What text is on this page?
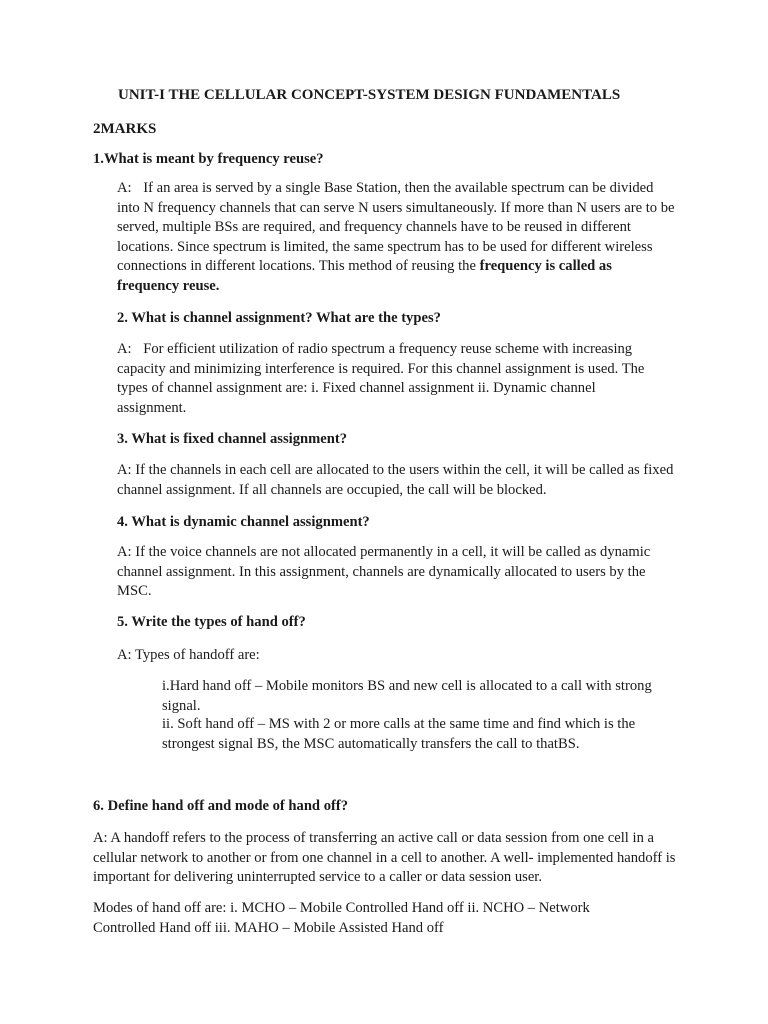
UNIT-I THE CELLULAR CONCEPT-SYSTEM DESIGN FUNDAMENTALS
2MARKS
1.What is meant by frequency reuse?
A: If an area is served by a single Base Station, then the available spectrum can be divided into N frequency channels that can serve N users simultaneously. If more than N users are to be served, multiple BSs are required, and frequency channels have to be reused in different locations. Since spectrum is limited, the same spectrum has to be used for different wireless connections in different locations. This method of reusing the frequency is called as frequency reuse.
2. What is channel assignment? What are the types?
A: For efficient utilization of radio spectrum a frequency reuse scheme with increasing capacity and minimizing interference is required. For this channel assignment is used. The types of channel assignment are: i. Fixed channel assignment ii. Dynamic channel assignment.
3. What is fixed channel assignment?
A: If the channels in each cell are allocated to the users within the cell, it will be called as fixed channel assignment. If all channels are occupied, the call will be blocked.
4. What is dynamic channel assignment?
A: If the voice channels are not allocated permanently in a cell, it will be called as dynamic channel assignment. In this assignment, channels are dynamically allocated to users by the MSC.
5. Write the types of hand off?
A: Types of handoff are:
i.Hard hand off – Mobile monitors BS and new cell is allocated to a call with strong signal.
ii. Soft hand off – MS with 2 or more calls at the same time and find which is the strongest signal BS, the MSC automatically transfers the call to thatBS.
6. Define hand off and mode of hand off?
A: A handoff refers to the process of transferring an active call or data session from one cell in a cellular network to another or from one channel in a cell to another. A well- implemented handoff is important for delivering uninterrupted service to a caller or data session user.
Modes of hand off are: i. MCHO – Mobile Controlled Hand off ii. NCHO – Network Controlled Hand off iii. MAHO – Mobile Assisted Hand off
